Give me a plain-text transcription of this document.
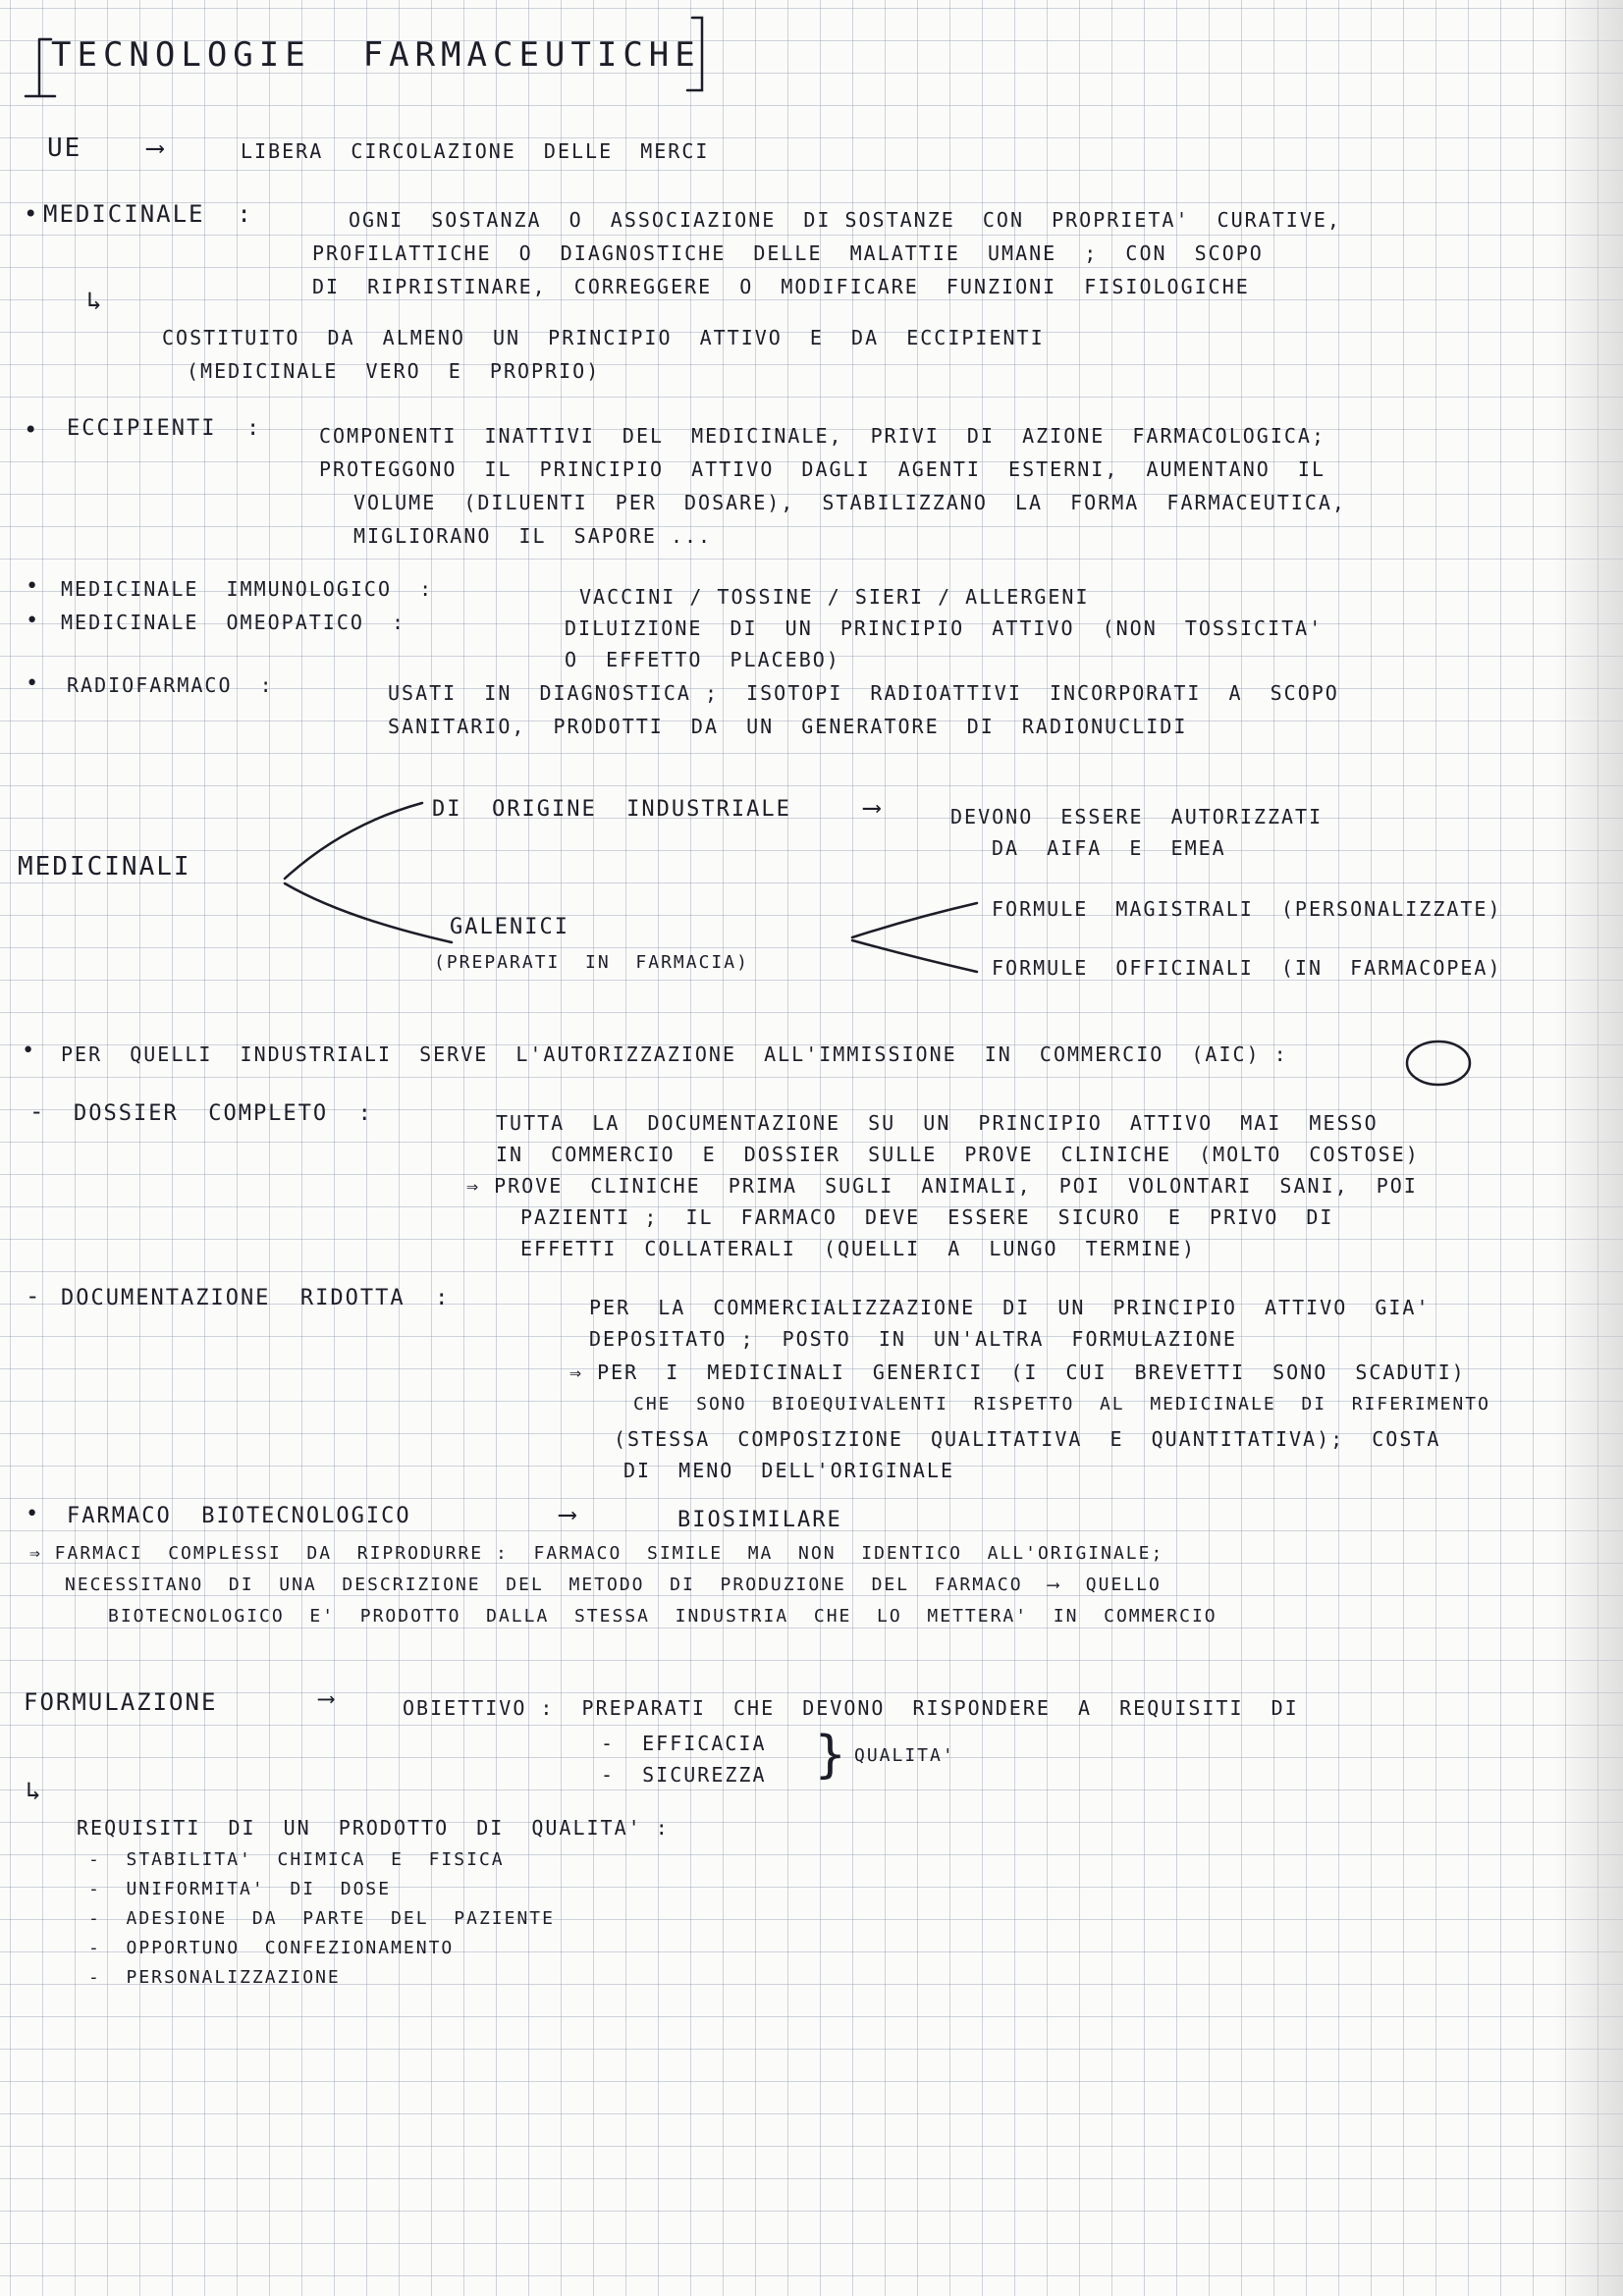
TECNOLOGIE  FARMACEUTICHE
UE	⟶	LIBERA  CIRCOLAZIONE  DELLE  MERCI
• MEDICINALE  :	OGNI  SOSTANZA  O  ASSOCIAZIONE  DI SOSTANZE  CON  PROPRIETA'  CURATIVE,
PROFILATTICHE  O  DIAGNOSTICHE  DELLE  MALATTIE  UMANE  ;  CON  SCOPO
DI  RIPRISTINARE,  CORREGGERE  O  MODIFICARE  FUNZIONI  FISIOLOGICHE
↳
COSTITUITO  DA  ALMENO  UN  PRINCIPIO  ATTIVO  E  DA  ECCIPIENTI
(MEDICINALE  VERO  E  PROPRIO)
• ECCIPIENTI  :	COMPONENTI  INATTIVI  DEL  MEDICINALE,  PRIVI  DI  AZIONE  FARMACOLOGICA;
PROTEGGONO  IL  PRINCIPIO  ATTIVO  DAGLI  AGENTI  ESTERNI,  AUMENTANO  IL
VOLUME  (DILUENTI  PER  DOSARE),  STABILIZZANO  LA  FORMA  FARMACEUTICA,
MIGLIORANO  IL  SAPORE ...
• MEDICINALE  IMMUNOLOGICO  :	VACCINI / TOSSINE / SIERI / ALLERGENI
• MEDICINALE  OMEOPATICO  :	DILUIZIONE  DI  UN  PRINCIPIO  ATTIVO  (NON  TOSSICITA'
O  EFFETTO  PLACEBO)
• RADIOFARMACO  :	USATI  IN  DIAGNOSTICA ;  ISOTOPI  RADIOATTIVI  INCORPORATI  A  SCOPO
SANITARIO,  PRODOTTI  DA  UN  GENERATORE  DI  RADIONUCLIDI
MEDICINALI
DI  ORIGINE  INDUSTRIALE	⟶	DEVONO  ESSERE  AUTORIZZATI
DA  AIFA  E  EMEA
GALENICI
(PREPARATI  IN  FARMACIA)
FORMULE  MAGISTRALI  (PERSONALIZZATE)
FORMULE  OFFICINALI  (IN  FARMACOPEA)
• PER  QUELLI  INDUSTRIALI  SERVE  L'AUTORIZZAZIONE  ALL'IMMISSIONE  IN  COMMERCIO  (AIC) :
- DOSSIER  COMPLETO  :	TUTTA  LA  DOCUMENTAZIONE  SU  UN  PRINCIPIO  ATTIVO  MAI  MESSO
IN  COMMERCIO  E  DOSSIER  SULLE  PROVE  CLINICHE  (MOLTO  COSTOSE)
⇒ PROVE  CLINICHE  PRIMA  SUGLI  ANIMALI,  POI  VOLONTARI  SANI,  POI
PAZIENTI ;  IL  FARMACO  DEVE  ESSERE  SICURO  E  PRIVO  DI
EFFETTI  COLLATERALI  (QUELLI  A  LUNGO  TERMINE)
- DOCUMENTAZIONE  RIDOTTA  :	PER  LA  COMMERCIALIZZAZIONE  DI  UN  PRINCIPIO  ATTIVO  GIA'
DEPOSITATO ;  POSTO  IN  UN'ALTRA  FORMULAZIONE
⇒ PER  I  MEDICINALI  GENERICI  (I  CUI  BREVETTI  SONO  SCADUTI)
CHE  SONO  BIOEQUIVALENTI  RISPETTO  AL  MEDICINALE  DI  RIFERIMENTO
(STESSA  COMPOSIZIONE  QUALITATIVA  E  QUANTITATIVA);  COSTA
DI  MENO  DELL'ORIGINALE
• FARMACO  BIOTECNOLOGICO	⟶	BIOSIMILARE
⇒ FARMACI  COMPLESSI  DA  RIPRODURRE :  FARMACO  SIMILE  MA  NON  IDENTICO  ALL'ORIGINALE;
NECESSITANO  DI  UNA  DESCRIZIONE  DEL  METODO  DI  PRODUZIONE  DEL  FARMACO  ⟶  QUELLO
BIOTECNOLOGICO  E'  PRODOTTO  DALLA  STESSA  INDUSTRIA  CHE  LO  METTERA'  IN  COMMERCIO
FORMULAZIONE	⟶	OBIETTIVO :  PREPARATI  CHE  DEVONO  RISPONDERE  A  REQUISITI  DI
-  EFFICACIA
-  SICUREZZA } QUALITA'
↳
REQUISITI  DI  UN  PRODOTTO  DI  QUALITA' :
-  STABILITA'  CHIMICA  E  FISICA
-  UNIFORMITA'  DI  DOSE
-  ADESIONE  DA  PARTE  DEL  PAZIENTE
-  OPPORTUNO  CONFEZIONAMENTO
-  PERSONALIZZAZIONE
